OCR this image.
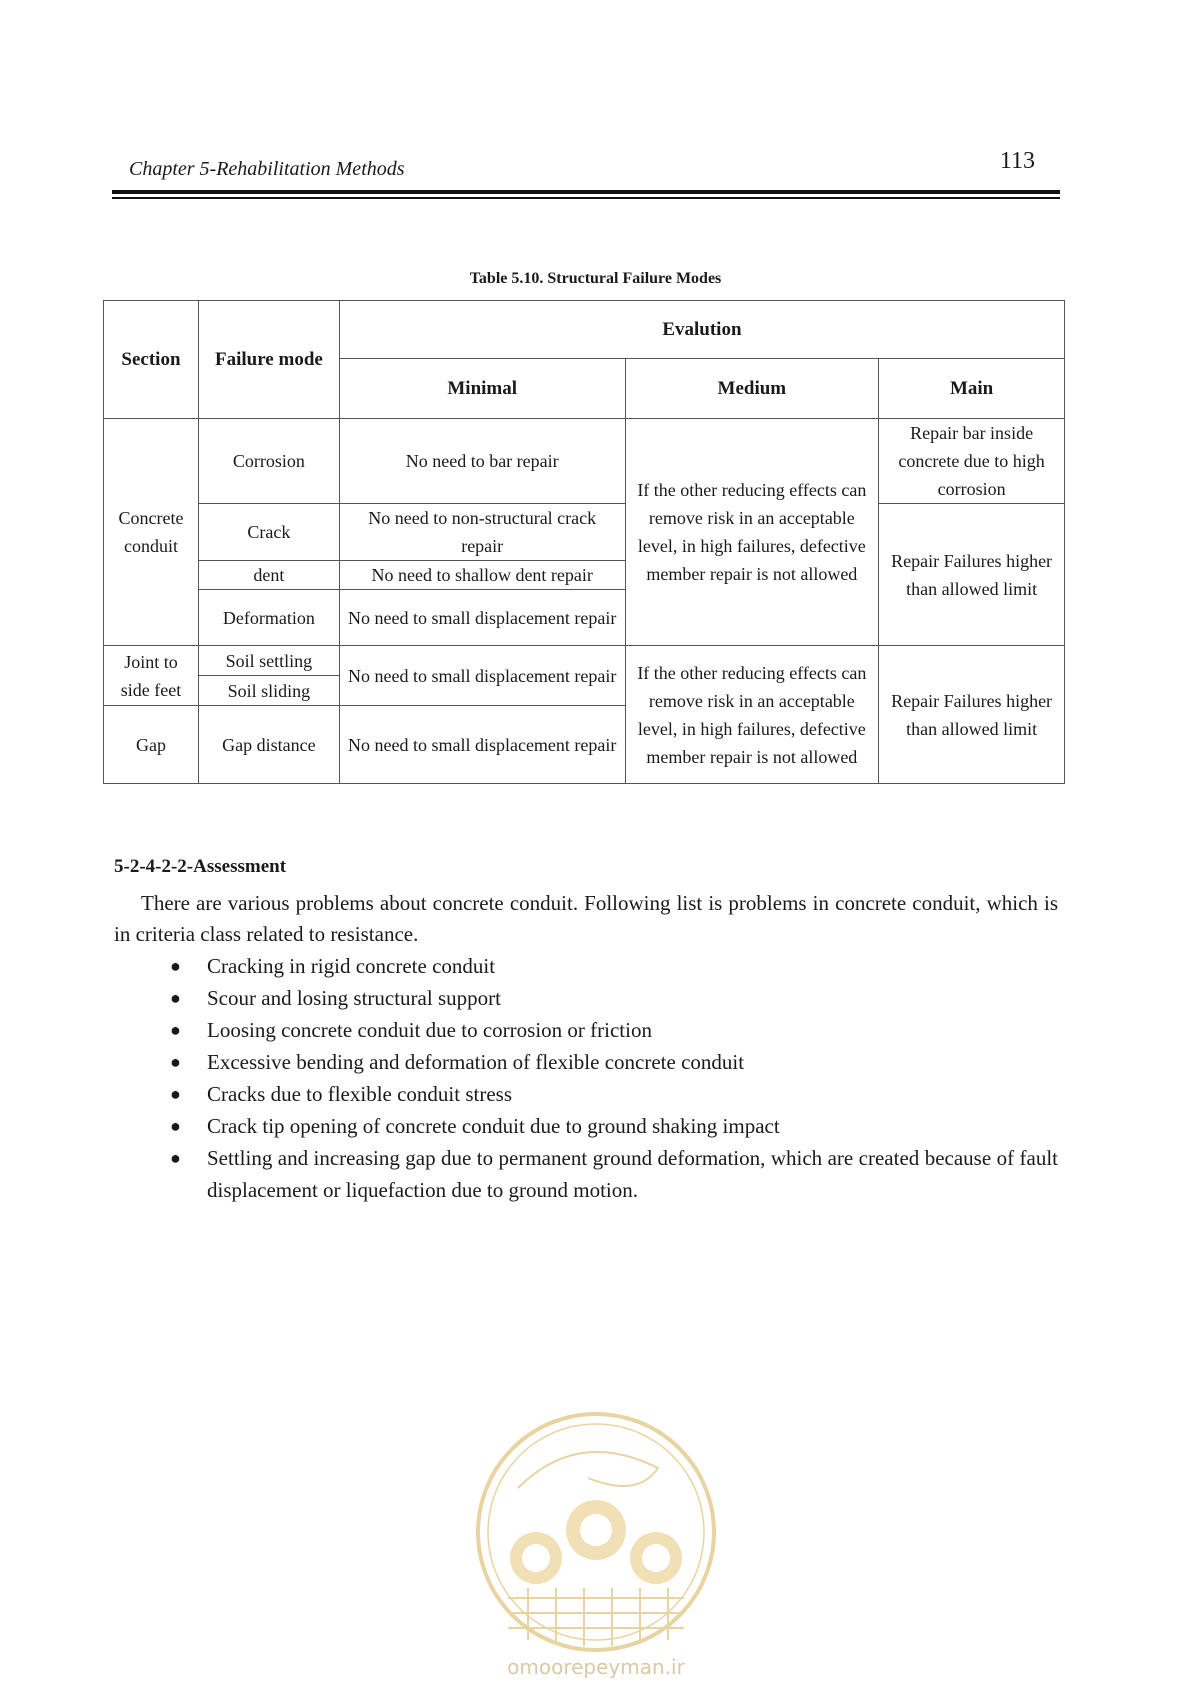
Chapter 5-Rehabilitation Methods	113
Table 5.10. Structural Failure Modes
Section	Failure mode	Evalution		
		Minimal	Medium	Main
Concrete conduit	Corrosion	No need to bar repair	If the other reducing effects can remove risk in an acceptable level, in high failures, defective member repair is not allowed	Repair bar inside concrete due to high corrosion
	Crack	No need to non-structural crack repair		Repair Failures higher than allowed limit
	dent	No need to shallow dent repair		
	Deformation	No need to small displacement repair		
Joint to side feet	Soil settling	No need to small displacement repair	If the other reducing effects can remove risk in an acceptable level, in high failures, defective member repair is not allowed	Repair Failures higher than allowed limit
	Soil sliding			
Gap	Gap distance	No need to small displacement repair		
5-2-4-2-2-Assessment

There are various problems about concrete conduit. Following list is problems in concrete conduit, which is in criteria class related to resistance.

● Cracking in rigid concrete conduit
● Scour and losing structural support
● Loosing concrete conduit due to corrosion or friction
● Excessive bending and deformation of flexible concrete conduit
● Cracks due to flexible conduit stress
● Crack tip opening of concrete conduit due to ground shaking impact
● Settling and increasing gap due to permanent ground deformation, which are created because of fault displacement or liquefaction due to ground motion.
omoorepeyman.ir
